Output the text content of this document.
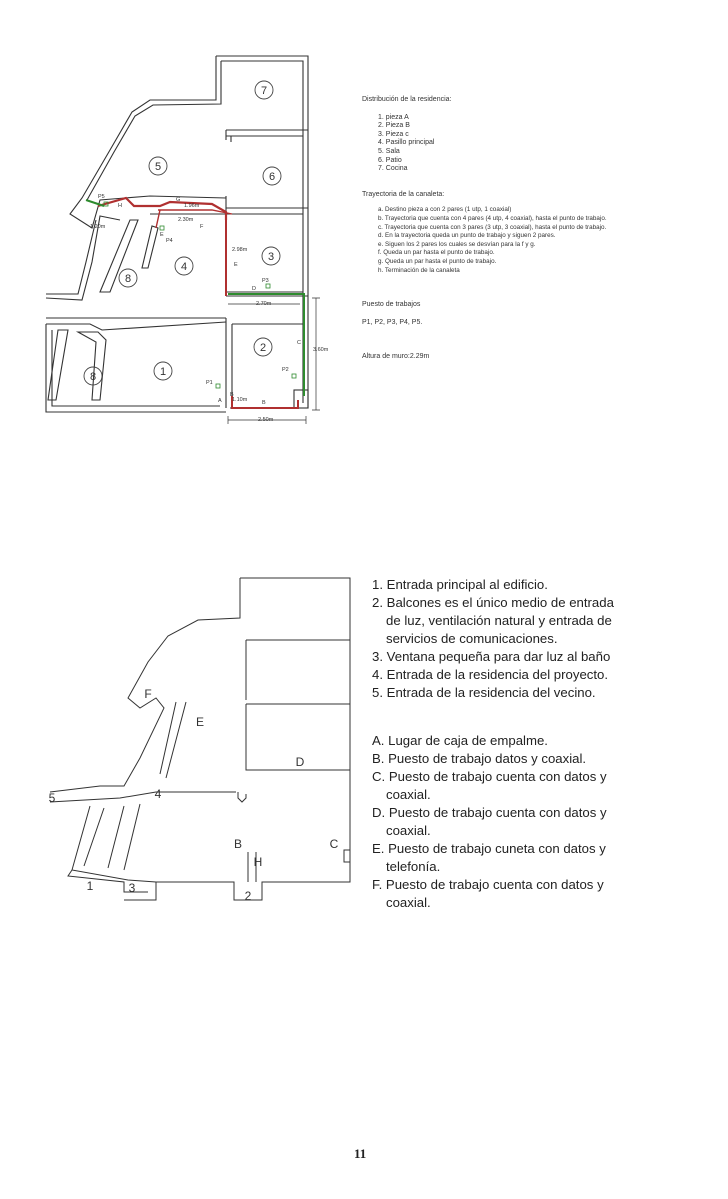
7
5
6
3
4
8
2
1
8
P5
H
P4
E
F
G
E
P3
D
C
P2
P1
A
B
B
1.96m
1.20m
2.30m
2.98m
2.70m
3.60m
1.10m
2.50m
Distribución de la residencia:
1. pieza A
2. Pieza B
3. Pieza c
4. Pasillo principal
5. Sala
6. Patio
7. Cocina
Trayectoria de la canaleta:
a. Destino pieza a con 2 pares (1 utp, 1 coaxial)
b. Trayectoria que cuenta con 4 pares (4 utp, 4 coaxial), hasta el punto de trabajo.
c. Trayectoria que cuenta con 3 pares (3 utp, 3 coaxial), hasta el punto de trabajo.
d. En la trayectoria queda un punto de trabajo y siguen 2 pares.
e. Siguen los 2 pares los cuales se desvían para la f y g.
f. Queda un par hasta el punto de trabajo.
g. Queda un par hasta el punto de trabajo.
h. Terminación de la canaleta
Puesto de trabajos
P1, P2, P3, P4, P5.
Altura de muro:2.29m
F
E
D
5	4
B	C
H
1	3
2
1. Entrada principal al edificio.
2. Balcones es el único medio de entrada de luz, ventilación natural y entrada de servicios de comunicaciones.
3. Ventana pequeña para dar luz al baño
4. Entrada de la residencia del proyecto.
5. Entrada de la residencia del vecino.
A. Lugar de caja de empalme.
B. Puesto de trabajo datos y coaxial.
C. Puesto de trabajo cuenta con datos y coaxial.
D. Puesto de trabajo cuenta con datos y coaxial.
E. Puesto de trabajo cuneta con datos y telefonía.
F. Puesto de trabajo cuenta con datos y coaxial.
11
